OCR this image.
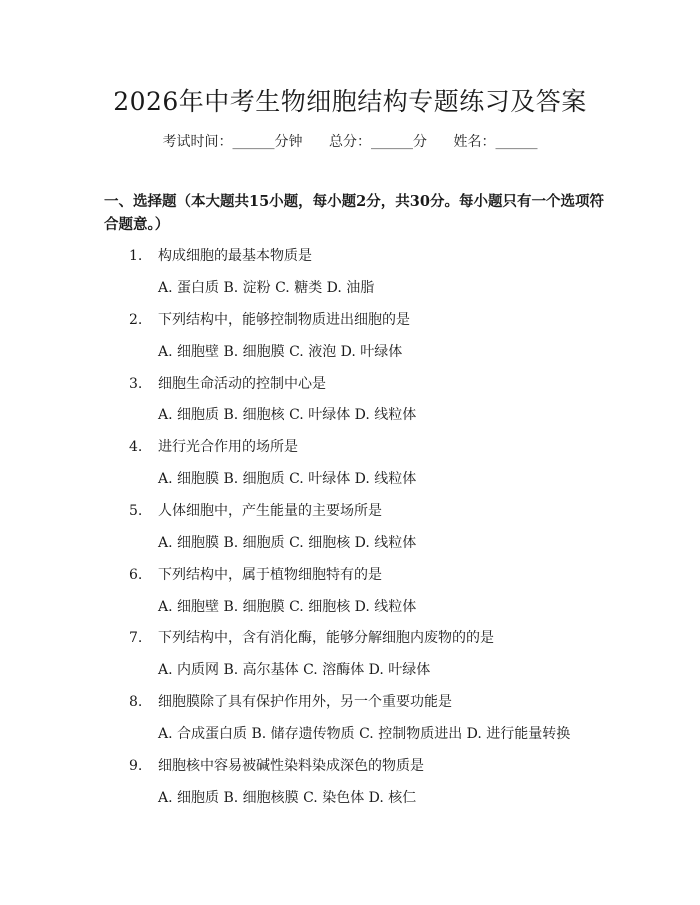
2026年中考生物细胞结构专题练习及答案
考试时间：______分钟 总分：______分 姓名：______

一、选择题（本大题共15小题，每小题2分，共30分。每小题只有一个选项符合题意。）

1. 构成细胞的最基本物质是
A. 蛋白质 B. 淀粉 C. 糖类 D. 油脂
2. 下列结构中，能够控制物质进出细胞的是
A. 细胞壁 B. 细胞膜 C. 液泡 D. 叶绿体
3. 细胞生命活动的控制中心是
A. 细胞质 B. 细胞核 C. 叶绿体 D. 线粒体
4. 进行光合作用的场所是
A. 细胞膜 B. 细胞质 C. 叶绿体 D. 线粒体
5. 人体细胞中，产生能量的主要场所是
A. 细胞膜 B. 细胞质 C. 细胞核 D. 线粒体
6. 下列结构中，属于植物细胞特有的是
A. 细胞壁 B. 细胞膜 C. 细胞核 D. 线粒体
7. 下列结构中，含有消化酶，能够分解细胞内废物的的是
A. 内质网 B. 高尔基体 C. 溶酶体 D. 叶绿体
8. 细胞膜除了具有保护作用外，另一个重要功能是
A. 合成蛋白质 B. 储存遗传物质 C. 控制物质进出 D. 进行能量转换
9. 细胞核中容易被碱性染料染成深色的物质是
A. 细胞质 B. 细胞核膜 C. 染色体 D. 核仁
